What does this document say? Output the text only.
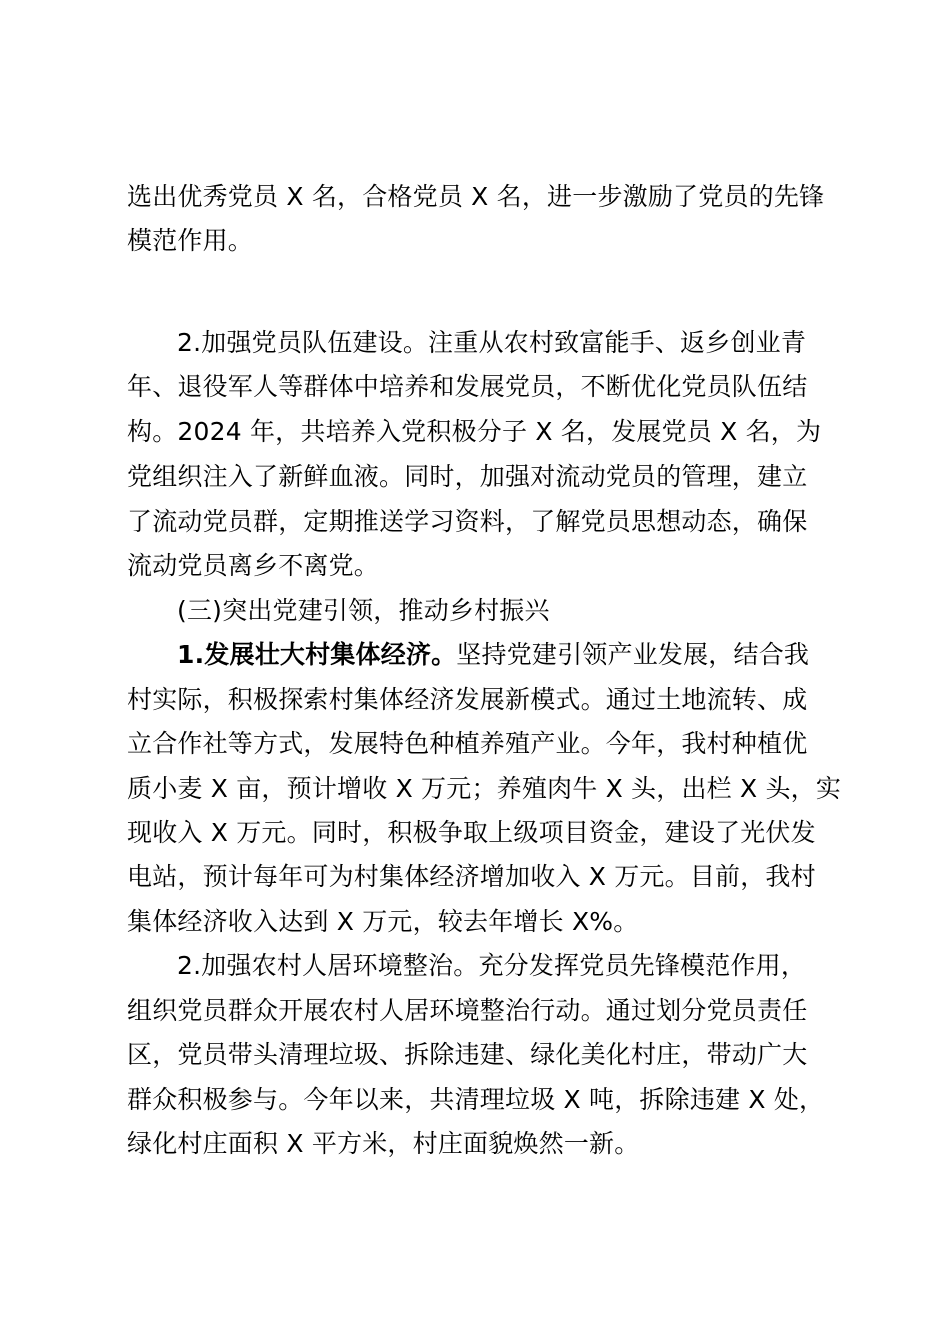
选出优秀党员 X 名，合格党员 X 名，进一步激励了党员的先锋
模范作用。
2.加强党员队伍建设。注重从农村致富能手、返乡创业青
年、退役军人等群体中培养和发展党员，不断优化党员队伍结
构。2024 年，共培养入党积极分子 X 名，发展党员 X 名，为
党组织注入了新鲜血液。同时，加强对流动党员的管理，建立
了流动党员群，定期推送学习资料，了解党员思想动态，确保
流动党员离乡不离党。
(三)突出党建引领，推动乡村振兴
1.发展壮大村集体经济。坚持党建引领产业发展，结合我
村实际，积极探索村集体经济发展新模式。通过土地流转、成
立合作社等方式，发展特色种植养殖产业。今年，我村种植优
质小麦 X 亩，预计增收 X 万元；养殖肉牛 X 头，出栏 X 头，实
现收入 X 万元。同时，积极争取上级项目资金，建设了光伏发
电站，预计每年可为村集体经济增加收入 X 万元。目前，我村
集体经济收入达到 X 万元，较去年增长 X%。
2.加强农村人居环境整治。充分发挥党员先锋模范作用，
组织党员群众开展农村人居环境整治行动。通过划分党员责任
区，党员带头清理垃圾、拆除违建、绿化美化村庄，带动广大
群众积极参与。今年以来，共清理垃圾 X 吨，拆除违建 X 处，
绿化村庄面积 X 平方米，村庄面貌焕然一新。
